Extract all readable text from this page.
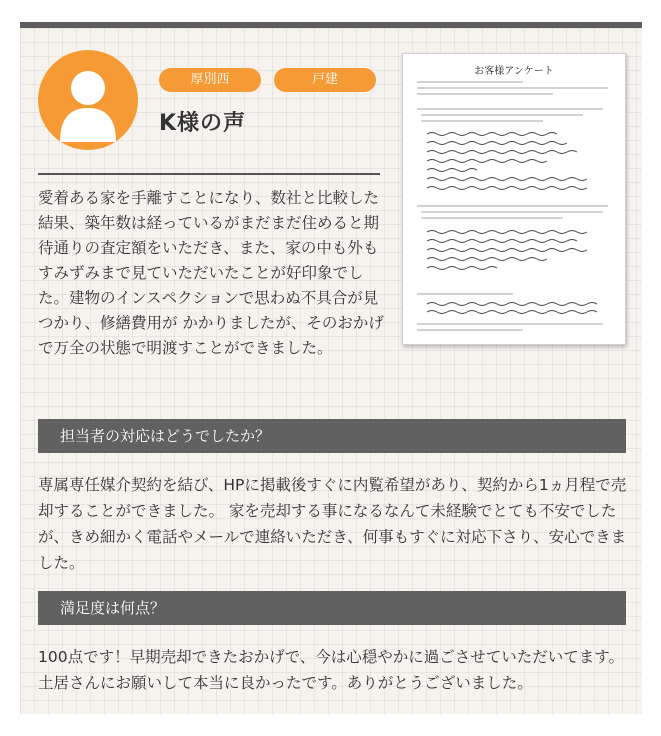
厚別西	戸建
K様の声
愛着ある家を手離すことになり、数社と比較した結果、築年数は経っているがまだまだ住めると期待通りの査定額をいただき、また、家の中も外もすみずみまで見ていただいたことが好印象でした。建物のインスペクションで思わぬ不具合が見つかり、修繕費用が かかりましたが、そのおかげで万全の状態で明渡すことができました。
お客様アンケート
担当者の対応はどうでしたか？
専属専任媒介契約を結び、HPに掲載後すぐに内覧希望があり、契約から1ヵ月程で売却することができました。 家を売却する事になるなんて未経験でとても不安でしたが、きめ細かく電話やメールで連絡いただき、何事もすぐに対応下さり、安心できました。
満足度は何点？
100点です！早期売却できたおかげで、今は心穏やかに過ごさせていただいてます。土居さんにお願いして本当に良かったです。ありがとうございました。
